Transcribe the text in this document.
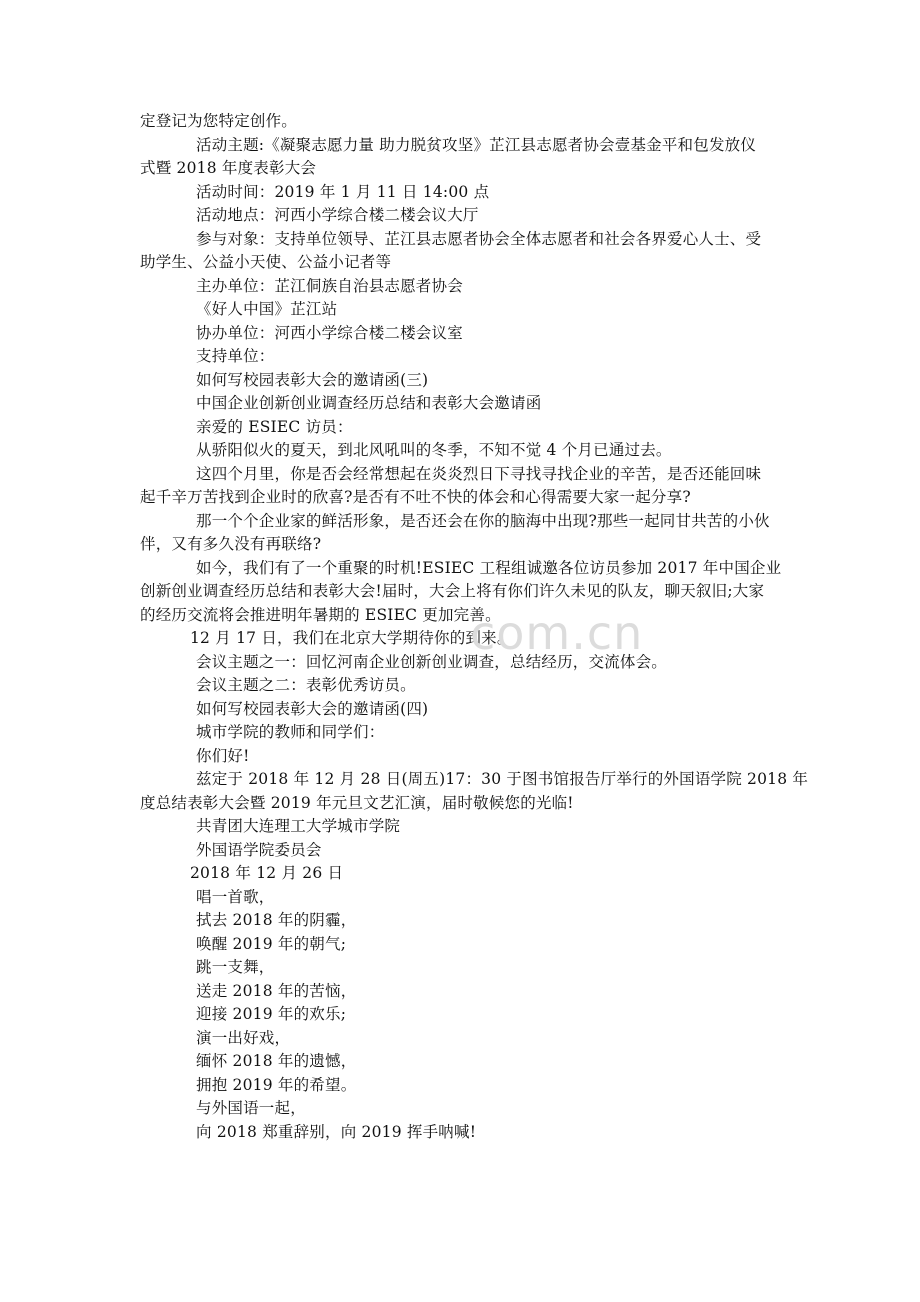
定登记为您特定创作。
活动主题:《凝聚志愿力量 助力脱贫攻坚》芷江县志愿者协会壹基金平和包发放仪
式暨 2018 年度表彰大会
活动时间：2019 年 1 月 11 日 14:00 点
活动地点：河西小学综合楼二楼会议大厅
参与对象：支持单位领导、芷江县志愿者协会全体志愿者和社会各界爱心人士、受
助学生、公益小天使、公益小记者等
主办单位：芷江侗族自治县志愿者协会
《好人中国》芷江站
协办单位：河西小学综合楼二楼会议室
支持单位：
如何写校园表彰大会的邀请函(三)
中国企业创新创业调查经历总结和表彰大会邀请函
亲爱的 ESIEC 访员：
从骄阳似火的夏天，到北风吼叫的冬季，不知不觉 4 个月已通过去。
这四个月里，你是否会经常想起在炎炎烈日下寻找寻找企业的辛苦，是否还能回味
起千辛万苦找到企业时的欣喜?是否有不吐不快的体会和心得需要大家一起分享?
那一个个企业家的鲜活形象，是否还会在你的脑海中出现?那些一起同甘共苦的小伙
伴，又有多久没有再联络?
如今，我们有了一个重聚的时机!ESIEC 工程组诚邀各位访员参加 2017 年中国企业
创新创业调查经历总结和表彰大会!届时，大会上将有你们许久未见的队友，聊天叙旧;大家
的经历交流将会推进明年暑期的 ESIEC 更加完善。
12 月 17 日，我们在北京大学期待你的到来。
会议主题之一：回忆河南企业创新创业调查，总结经历，交流体会。
会议主题之二：表彰优秀访员。
如何写校园表彰大会的邀请函(四)
城市学院的教师和同学们：
你们好!
兹定于 2018 年 12 月 28 日(周五)17：30 于图书馆报告厅举行的外国语学院 2018 年
度总结表彰大会暨 2019 年元旦文艺汇演，届时敬候您的光临!
共青团大连理工大学城市学院
外国语学院委员会
2018 年 12 月 26 日
唱一首歌，
拭去 2018 年的阴霾，
唤醒 2019 年的朝气;
跳一支舞，
送走 2018 年的苦恼，
迎接 2019 年的欢乐;
演一出好戏，
缅怀 2018 年的遗憾，
拥抱 2019 年的希望。
与外国语一起，
向 2018 郑重辞别，向 2019 挥手呐喊!
com.cn
